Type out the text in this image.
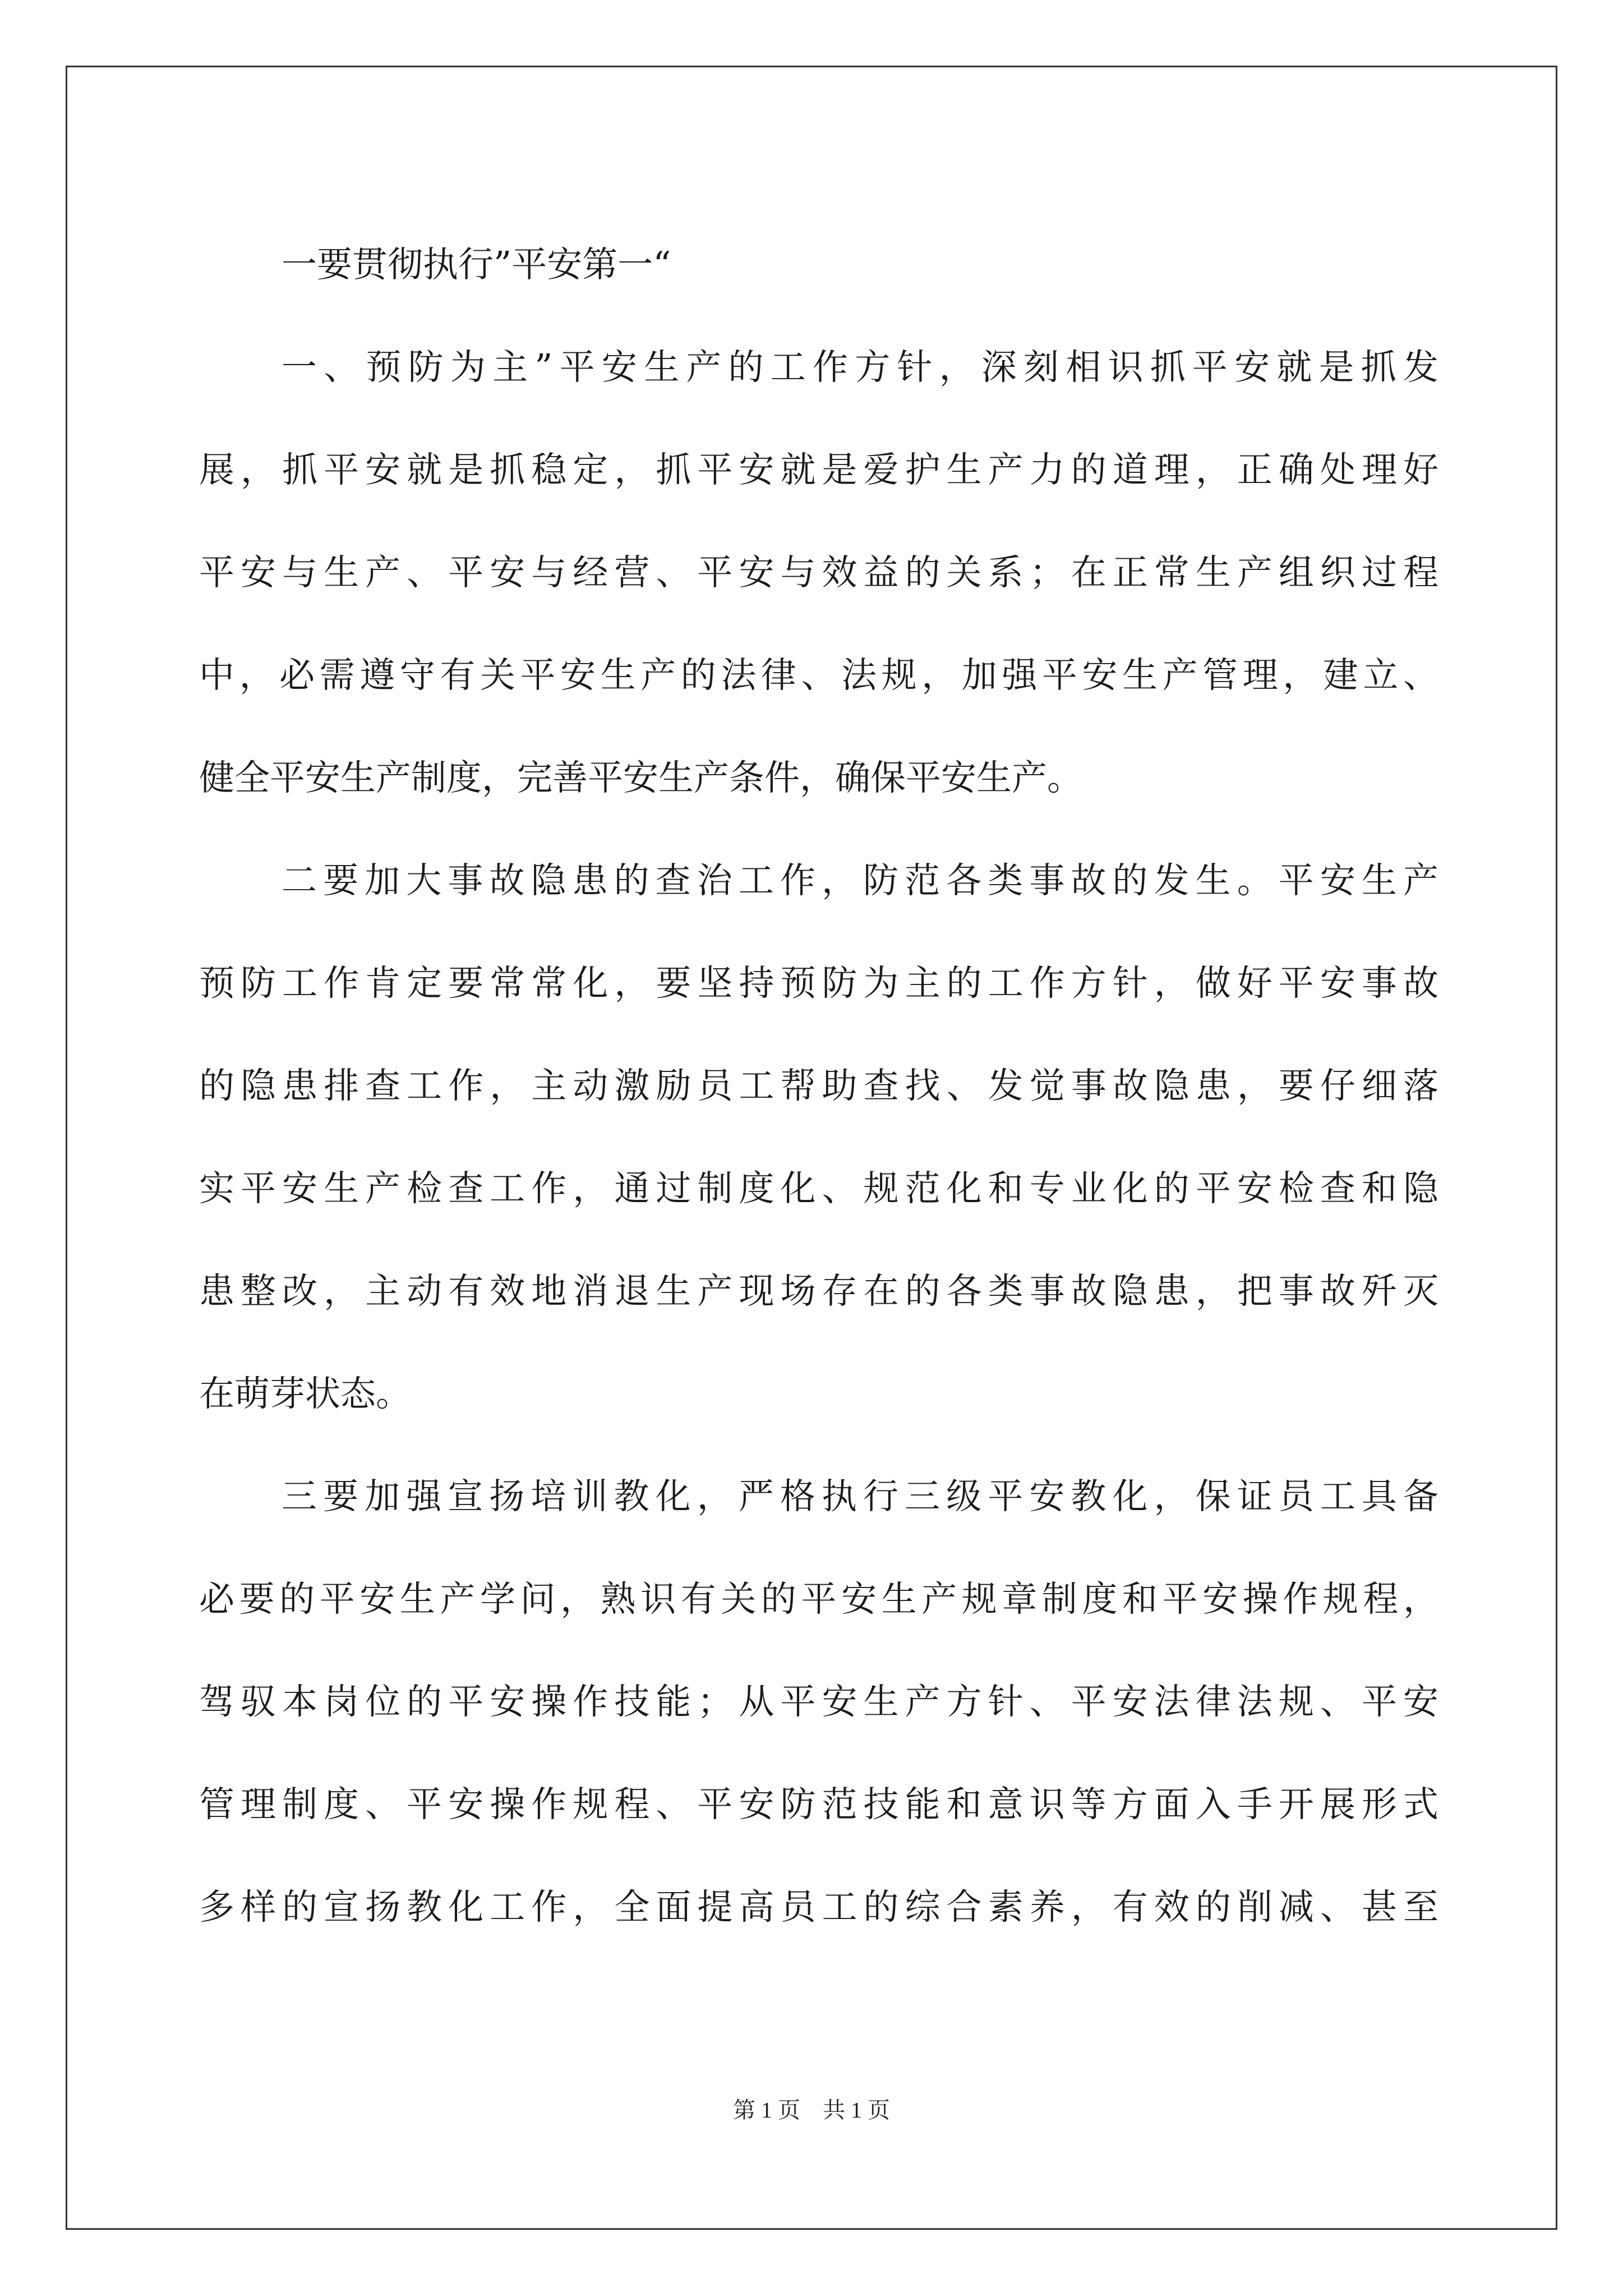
一要贯彻执行”平安第一“

一、预防为主”平安生产的工作方针，深刻相识抓平安就是抓发
展，抓平安就是抓稳定，抓平安就是爱护生产力的道理，正确处理好
平安与生产、平安与经营、平安与效益的关系；在正常生产组织过程
中，必需遵守有关平安生产的法律、法规，加强平安生产管理，建立、
健全平安生产制度，完善平安生产条件，确保平安生产。

二要加大事故隐患的查治工作，防范各类事故的发生。平安生产
预防工作肯定要常常化，要坚持预防为主的工作方针，做好平安事故
的隐患排查工作，主动激励员工帮助查找、发觉事故隐患，要仔细落
实平安生产检查工作，通过制度化、规范化和专业化的平安检查和隐
患整改，主动有效地消退生产现场存在的各类事故隐患，把事故歼灭
在萌芽状态。

三要加强宣扬培训教化，严格执行三级平安教化，保证员工具备
必要的平安生产学问，熟识有关的平安生产规章制度和平安操作规程，
驾驭本岗位的平安操作技能；从平安生产方针、平安法律法规、平安
管理制度、平安操作规程、平安防范技能和意识等方面入手开展形式
多样的宣扬教化工作，全面提高员工的综合素养，有效的削减、甚至

第 1 页    共 1 页
